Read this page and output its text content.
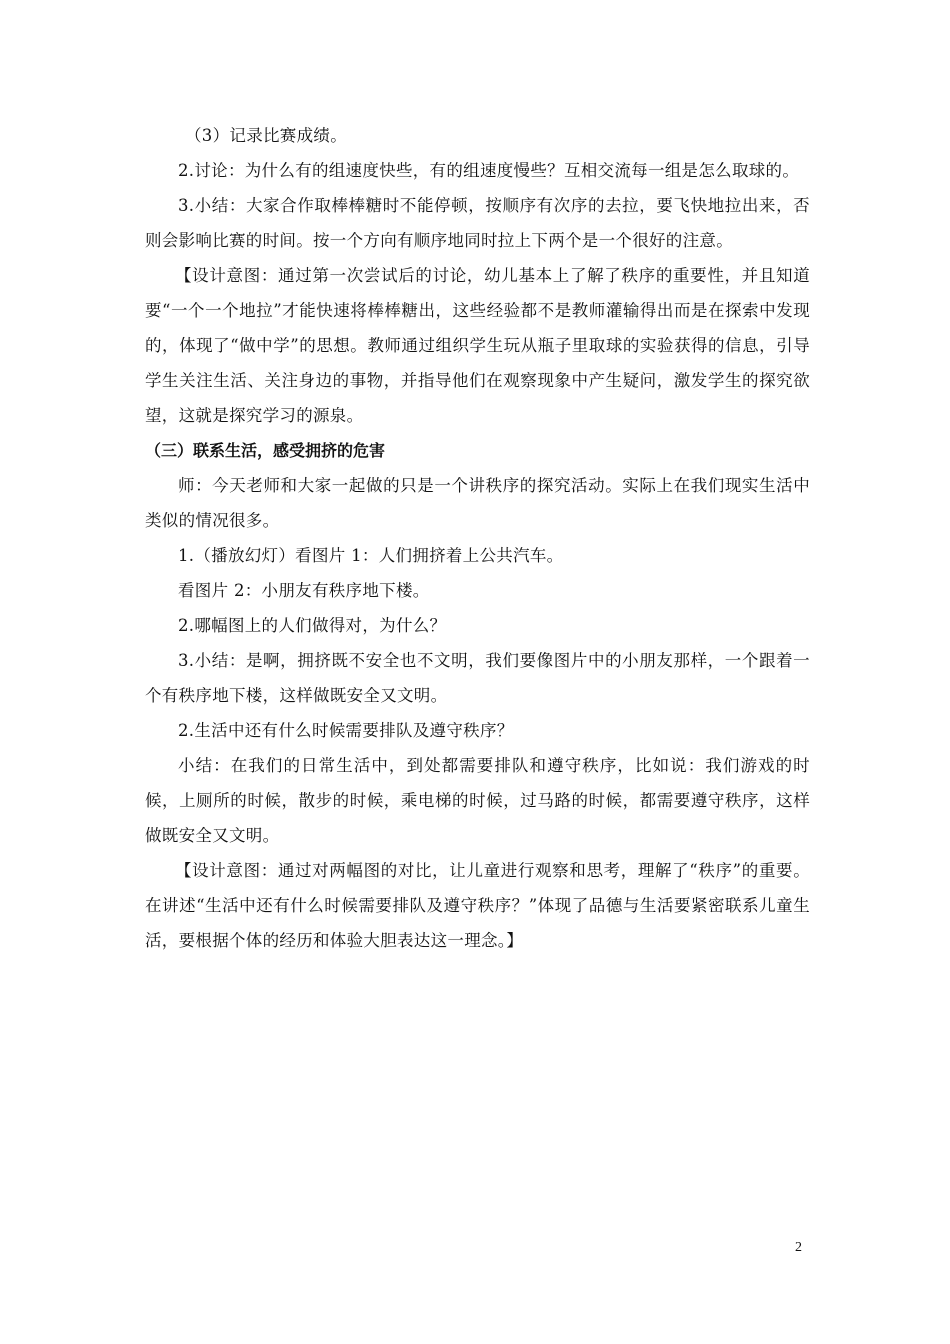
（3）记录比赛成绩。

2.讨论：为什么有的组速度快些，有的组速度慢些？互相交流每一组是怎么取球的。

3.小结：大家合作取棒棒糖时不能停顿，按顺序有次序的去拉，要飞快地拉出来，否则会影响比赛的时间。按一个方向有顺序地同时拉上下两个是一个很好的注意。

【设计意图：通过第一次尝试后的讨论，幼儿基本上了解了秩序的重要性，并且知道要“一个一个地拉”才能快速将棒棒糖出，这些经验都不是教师灌输得出而是在探索中发现的，体现了“做中学”的思想。教师通过组织学生玩从瓶子里取球的实验获得的信息，引导学生关注生活、关注身边的事物，并指导他们在观察现象中产生疑问，激发学生的探究欲望，这就是探究学习的源泉。

（三）联系生活，感受拥挤的危害

师：今天老师和大家一起做的只是一个讲秩序的探究活动。实际上在我们现实生活中类似的情况很多。

1.（播放幻灯）看图片 1：人们拥挤着上公共汽车。

看图片 2：小朋友有秩序地下楼。

2.哪幅图上的人们做得对，为什么？

3.小结：是啊，拥挤既不安全也不文明，我们要像图片中的小朋友那样，一个跟着一个有秩序地下楼，这样做既安全又文明。

2.生活中还有什么时候需要排队及遵守秩序？

小结：在我们的日常生活中，到处都需要排队和遵守秩序，比如说：我们游戏的时候，上厕所的时候，散步的时候，乘电梯的时候，过马路的时候，都需要遵守秩序，这样做既安全又文明。

【设计意图：通过对两幅图的对比，让儿童进行观察和思考，理解了“秩序”的重要。在讲述“生活中还有什么时候需要排队及遵守秩序？”体现了品德与生活要紧密联系儿童生活，要根据个体的经历和体验大胆表达这一理念。】

2
